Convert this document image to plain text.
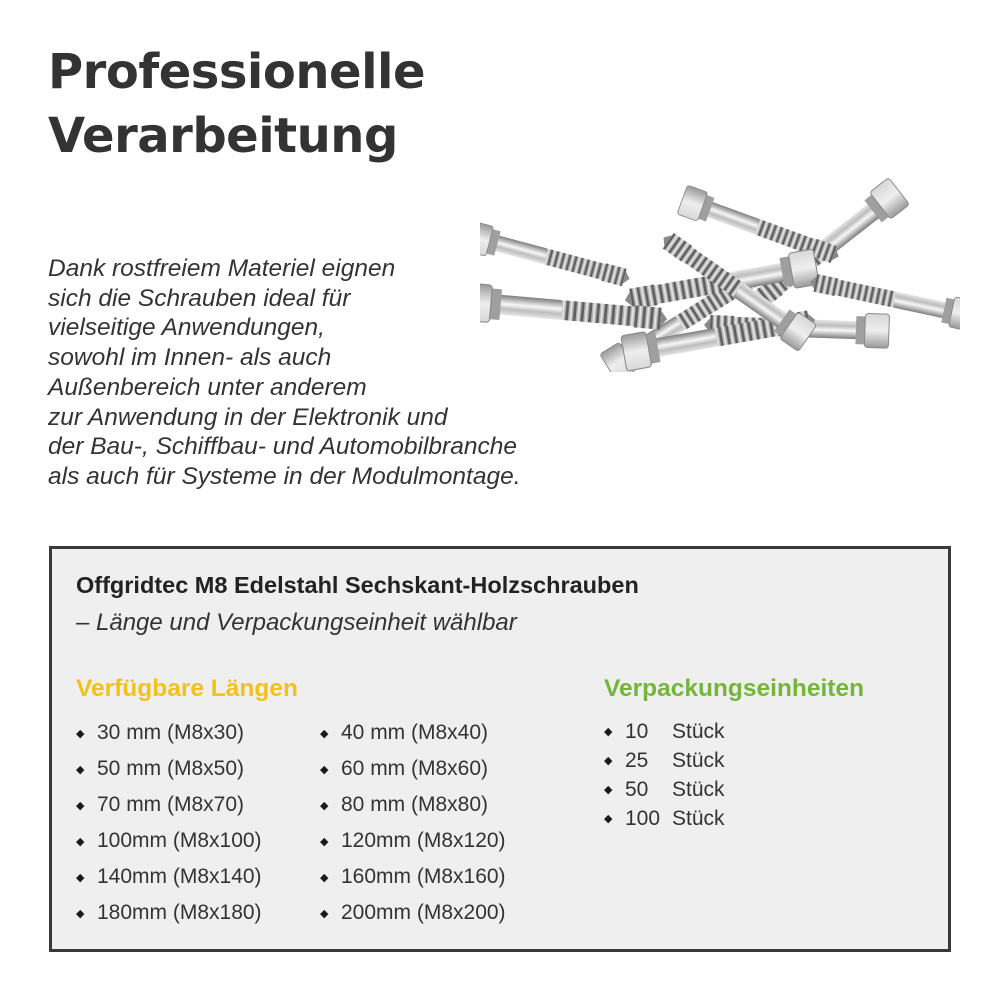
Professionelle
Verarbeitung
Dank rostfreiem Materiel eignen
sich die Schrauben ideal für
vielseitige Anwendungen,
sowohl im Innen- als auch
Außenbereich unter anderem
zur Anwendung in der Elektronik und
der Bau-, Schiffbau- und Automobilbranche
als auch für Systeme in der Modulmontage.
Offgridtec M8 Edelstahl Sechskant-Holzschrauben
– Länge und Verpackungseinheit wählbar
Verfügbare Längen
◆ 30 mm (M8x30)
◆ 50 mm (M8x50)
◆ 70 mm (M8x70)
◆ 100mm (M8x100)
◆ 140mm (M8x140)
◆ 180mm (M8x180)
◆ 40 mm (M8x40)
◆ 60 mm (M8x60)
◆ 80 mm (M8x80)
◆ 120mm (M8x120)
◆ 160mm (M8x160)
◆ 200mm (M8x200)
Verpackungseinheiten
◆ 10	Stück
◆ 25	Stück
◆ 50	Stück
◆ 100 Stück
